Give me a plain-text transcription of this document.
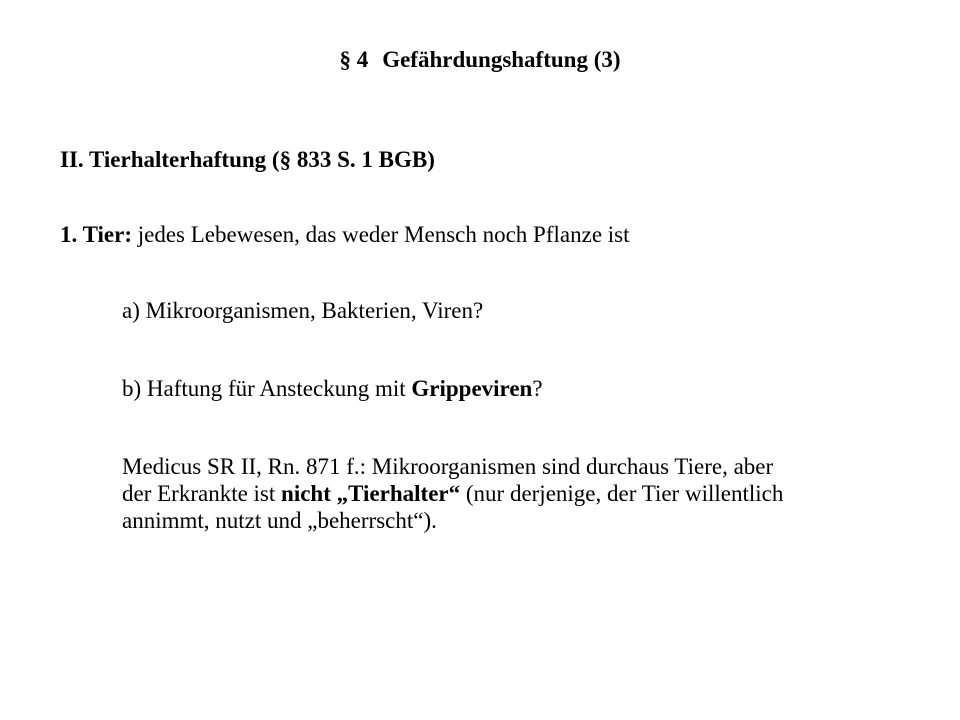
§ 4 Gefährdungshaftung (3)
II. Tierhalterhaftung (§ 833 S. 1 BGB)
1. Tier: jedes Lebewesen, das weder Mensch noch Pflanze ist
a) Mikroorganismen, Bakterien, Viren?
b) Haftung für Ansteckung mit Grippeviren?
Medicus SR II, Rn. 871 f.: Mikroorganismen sind durchaus Tiere, aber
der Erkrankte ist nicht „Tierhalter“ (nur derjenige, der Tier willentlich
annimmt, nutzt und „beherrscht“).
